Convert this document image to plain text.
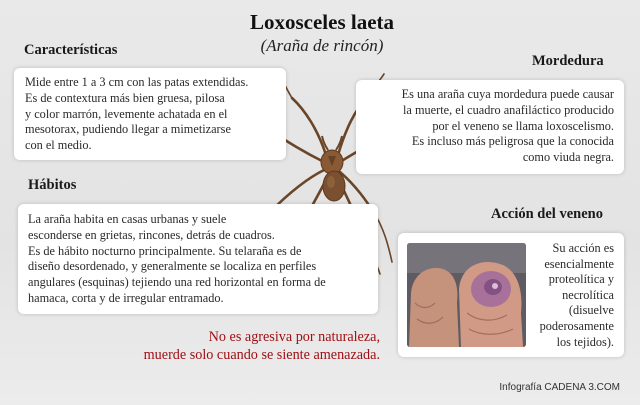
Loxosceles laeta
(Araña de rincón)
Características

Mide entre 1 a 3 cm con las patas extendidas.

Es de contextura más bien gruesa, pilosa

y color marrón, levemente achatada en el

mesotorax, pudiendo llegar a mimetizarse

con el medio.

Mordedura

Es una araña cuya mordedura puede causar

la muerte, el cuadro anafiláctico producido

por el veneno se llama loxoscelismo.

Es incluso más peligrosa que la conocida

como viuda negra.

Hábitos

La araña habita en casas urbanas y suele

esconderse en grietas, rincones, detrás de cuadros.

Es de hábito nocturno principalmente. Su telaraña es de

diseño desordenado, y generalmente se localiza en perfiles

angulares (esquinas) tejiendo una red horizontal en forma de

hamaca, corta y de irregular entramado.

Acción del veneno

Su acción es

esencialmente

proteolítica y

necrolítica

(disuelve

poderosamente

los tejidos).

No es agresiva por naturaleza,
muerde solo cuando se siente amenazada.
Infografía CADENA 3.COM
